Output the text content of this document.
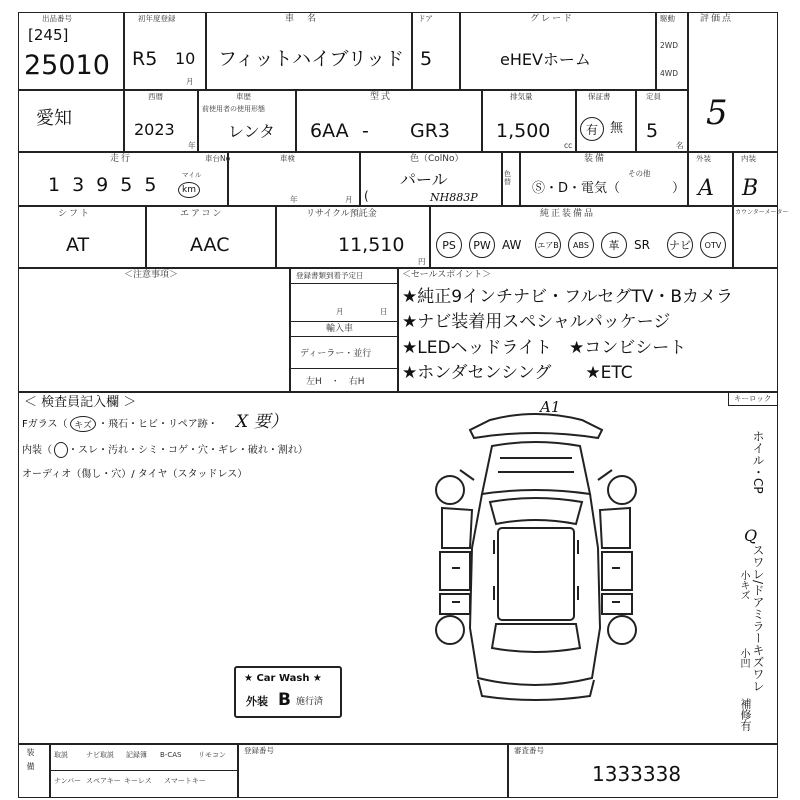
出品番号
[245]
25010
初年度登録
R5 10
月
車　名
フィットハイブリッド
ドア
5
グレード
eHEVホーム
駆動
2WD
4WD
評価点
5
愛知
西暦
2023
年
車歴
前使用者の使用形態
レンタ
型式
6AA - GR3
排気量
1,500
cc
保証書
有 無
定員
5
名
走行
13955 マイル
km
車台No	車検
年	月
色（ColNo）
パール
NH883P
(
色替
装備
その他
Ⓢ・D・電気（　　　　）
外装
A
内装
B
シフト
AT
エアコン
AAC
リサイクル預託金
11,510
円
純正装備品
PS	PW AW エアB	ABS	革	SR ナビ	OTV
カウンターメーター
＜注意事項＞	登録書類到着予定日
月	日
輸入車
ディーラー・並行
左H　・　右H
＜セールスポイント＞
★純正9インチナビ・フルセグTV・Bカメラ
★ナビ装着用スペシャルパッケージ
★LEDヘッドライト　★コンビシート
★ホンダセンシング　　★ETC
＜ 検査員記入欄 ＞
Fガラス（ キズ ・飛石・ヒビ・リペア跡・ X 要）
内装（ ・スレ・汚れ・シミ・コゲ・穴・ギレ・破れ・割れ）
オーディオ（傷し・穴）/ タイヤ（スタッドレス）
キーロック
A1
ホイル・CP
Q
スワレ/ドアミラーキズワレ
小キズ
小凹
補修有
★ Car Wash ★
外装 B 施行済
装備	取説	ナビ取説 記録簿 B-CAS リモコン
ナンバー スペアキー キーレス スマートキー
登録番号	審査番号
1333338
